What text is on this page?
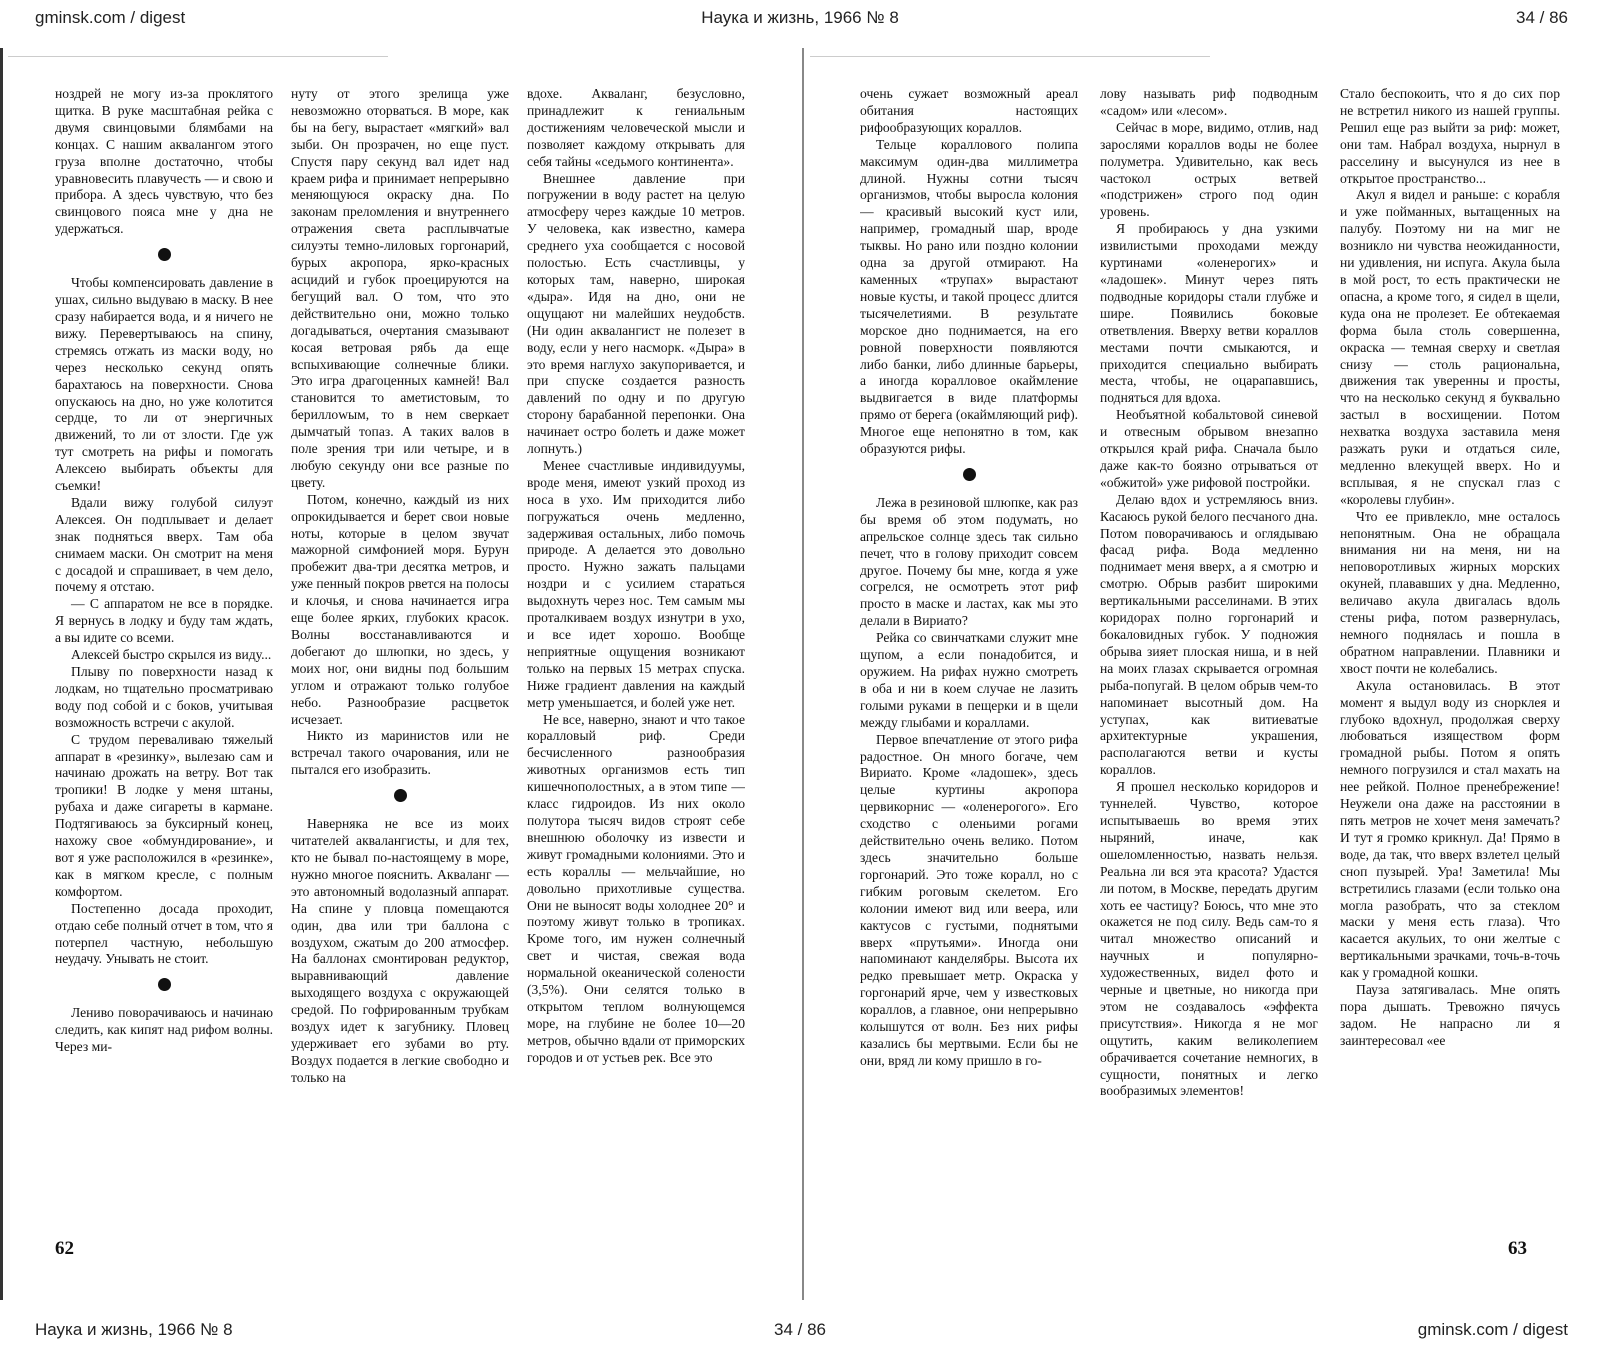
gminsk.com / digest	Наука и жизнь, 1966 № 8	34 / 86

ноздрей не могу из-за проклятого щитка. В руке масштабная рейка с двумя свинцовыми блямбами на концах. С нашим аквалангом этого груза вполне достаточно, чтобы уравновесить плавучесть — и свою и прибора. А здесь чувствую, что без свинцового пояса мне у дна не удержаться.

Чтобы компенсировать давление в ушах, сильно выдуваю в маску. В нее сразу набирается вода, и я ничего не вижу. Перевертываюсь на спину, стремясь отжать из маски воду, но через несколько секунд опять барахтаюсь на поверхности. Снова опускаюсь на дно, но уже колотится сердце, то ли от энергичных движений, то ли от злости. Где уж тут смотреть на рифы и помогать Алексею выбирать объекты для съемки!

Вдали вижу голубой силуэт Алексея. Он подплывает и делает знак подняться вверх. Там оба снимаем маски. Он смотрит на меня с досадой и спрашивает, в чем дело, почему я отстаю.

— С аппаратом не все в порядке. Я вернусь в лодку и буду там ждать, а вы идите со всеми.

Алексей быстро скрылся из виду...

Плыву по поверхности назад к лодкам, но тщательно просматриваю воду под собой и с боков, учитывая возможность встречи с акулой.

С трудом переваливаю тяжелый аппарат в «резинку», вылезаю сам и начинаю дрожать на ветру. Вот так тропики! В лодке у меня штаны, рубаха и даже сигареты в кармане. Подтягиваюсь за буксирный конец, нахожу свое «обмундирование», и вот я уже расположился в «резинке», как в мягком кресле, с полным комфортом.

Постепенно досада проходит, отдаю себе полный отчет в том, что я потерпел частную, небольшую неудачу. Унывать не стоит.

Лениво поворачиваюсь и начинаю следить, как кипят над рифом волны. Через ми-

нуту от этого зрелища уже невозможно оторваться. В море, как бы на бегу, вырастает «мягкий» вал зыби. Он прозрачен, но еще пуст. Спустя пару секунд вал идет над краем рифа и принимает непрерывно меняющуюся окраску дна. По законам преломления и внутреннего отражения света расплывчатые силуэты темно-лиловых горгонарий, бурых акропора, ярко-красных асцидий и губок проецируются на бегущий вал. О том, что это действительно они, можно только догадываться, очертания смазывают косая ветровая рябь да еще вспыхивающие солнечные блики. Это игра драгоценных камней! Вал становится то аметистовым, то бериллowым, то в нем сверкает дымчатый топаз. А таких валов в поле зрения три или четыре, и в любую секунду они все разные по цвету.

Потом, конечно, каждый из них опрокидывается и берет свои новые ноты, которые в целом звучат мажорной симфонией моря. Бурун пробежит два-три десятка метров, и уже пенный покров рвется на полосы и клочья, и снова начинается игра еще более ярких, глубоких красок. Волны восстанавливаются и добегают до шлюпки, но здесь, у моих ног, они видны под большим углом и отражают только голубое небо. Разнообразие расцветок исчезает.

Никто из маринистов или не встречал такого очарования, или не пытался его изобразить.

Наверняка не все из моих читателей аквалангисты, и для тех, кто не бывал по-настоящему в море, нужно многое пояснить. Акваланг — это автономный водолазный аппарат. На спине у пловца помещаются один, два или три баллона с воздухом, сжатым до 200 атмосфер. На баллонах смонтирован редуктор, выравнивающий давление выходящего воздуха с окружающей средой. По гофрированным трубкам воздух идет к загубнику. Пловец удерживает его зубами во рту. Воздух подается в легкие свободно и только на

вдохе. Акваланг, безусловно, принадлежит к гениальным достижениям человеческой мысли и позволяет каждому открывать для себя тайны «седьмого континента».

Внешнее давление при погружении в воду растет на целую атмосферу через каждые 10 метров. У человека, как известно, камера среднего уха сообщается с носовой полостью. Есть счастливцы, у которых там, наверно, широкая «дыра». Идя на дно, они не ощущают ни малейших неудобств. (Ни один аквалангист не полезет в воду, если у него насморк. «Дыра» в это время наглухо закупоривается, и при спуске создается разность давлений по одну и по другую сторону барабанной перепонки. Она начинает остро болеть и даже может лопнуть.)

Менее счастливые индивидуумы, вроде меня, имеют узкий проход из носа в ухо. Им приходится либо погружаться очень медленно, задерживая остальных, либо помочь природе. А делается это довольно просто. Нужно зажать пальцами ноздри и с усилием стараться выдохнуть через нос. Тем самым мы проталкиваем воздух изнутри в ухо, и все идет хорошо. Вообще неприятные ощущения возникают только на первых 15 метрах спуска. Ниже градиент давления на каждый метр уменьшается, и болей уже нет.

Не все, наверно, знают и что такое коралловый риф. Среди бесчисленного разнообразия животных организмов есть тип кишечнополостных, а в этом типе — класс гидроидов. Из них около полутора тысяч видов строят себе внешнюю оболочку из извести и живут громадными колониями. Это и есть кораллы — мельчайшие, но довольно прихотливые существа. Они не выносят воды холоднее 20° и поэтому живут только в тропиках. Кроме того, им нужен солнечный свет и чистая, свежая вода нормальной океанической солености (3,5%). Они селятся только в открытом теплом волнующемся море, на глубине не более 10—20 метров, обычно вдали от приморских городов и от устьев рек. Все это

62

очень сужает возможный ареал обитания настоящих рифообразующих кораллов.

Тельце кораллового полипа максимум один-два миллиметра длиной. Нужны сотни тысяч организмов, чтобы выросла колония — красивый высокий куст или, например, громадный шар, вроде тыквы. Но рано или поздно колонии одна за другой отмирают. На каменных «трупах» вырастают новые кусты, и такой процесс длится тысячелетиями. В результате морское дно поднимается, на его ровной поверхности появляются либо банки, либо длинные барьеры, а иногда коралловое окаймление выдвигается в виде платформы прямо от берега (окаймляющий риф). Многое еще непонятно в том, как образуются рифы.

Лежа в резиновой шлюпке, как раз бы время об этом подумать, но апрельское солнце здесь так сильно печет, что в голову приходит совсем другое. Почему бы мне, когда я уже согрелся, не осмотреть этот риф просто в маске и ластах, как мы это делали в Вириато?

Рейка со свинчатками служит мне щупом, а если понадобится, и оружием. На рифах нужно смотреть в оба и ни в коем случае не лазить голыми руками в пещерки и в щели между глыбами и кораллами.

Первое впечатление от этого рифа радостное. Он много богаче, чем Вириато. Кроме «ладошек», здесь целые куртины акропора цервикорнис — «оленерогого». Его сходство с оленьими рогами действительно очень велико. Потом здесь значительно больше горгонарий. Это тоже коралл, но с гибким роговым скелетом. Его колонии имеют вид или веера, или кактусов с густыми, поднятыми вверх «прутьями». Иногда они напоминают канделябры. Высота их редко превышает метр. Окраска у горгонарий ярче, чем у известковых кораллов, а главное, они непрерывно колышутся от волн. Без них рифы казались бы мертвыми. Если бы не они, вряд ли кому пришло в го-

лову называть риф подводным «садом» или «лесом».

Сейчас в море, видимо, отлив, над зарослями кораллов воды не более полуметра. Удивительно, как весь частокол острых ветвей «подстрижен» строго под один уровень.

Я пробираюсь у дна узкими извилистыми проходами между куртинами «оленерогих» и «ладошек». Минут через пять подводные коридоры стали глубже и шире. Появились боковые ответвления. Вверху ветви кораллов местами почти смыкаются, и приходится специально выбирать места, чтобы, не оцарапавшись, подняться для вдоха.

Необъятной кобальтовой синевой и отвесным обрывом внезапно открылся край рифа. Сначала было даже как-то боязно отрываться от «обжитой» уже рифовой постройки.

Делаю вдох и устремляюсь вниз. Касаюсь рукой белого песчаного дна. Потом поворачиваюсь и оглядываю фасад рифа. Вода медленно поднимает меня вверх, а я смотрю и смотрю. Обрыв разбит широкими вертикальными расселинами. В этих коридорах полно горгонарий и бокаловидных губок. У подножия обрыва зияет плоская ниша, и в ней на моих глазах скрывается огромная рыба-попугай. В целом обрыв чем-то напоминает высотный дом. На уступах, как витиеватые архитектурные украшения, располагаются ветви и кусты кораллов.

Я прошел несколько коридоров и туннелей. Чувство, которое испытываешь во время этих ныряний, иначе, как ошеломленностью, назвать нельзя. Реальна ли вся эта красота? Удастся ли потом, в Москве, передать другим хоть ее частицу? Боюсь, что мне это окажется не под силу. Ведь сам-то я читал множество описаний и научных и популярно-художественных, видел фото и черные и цветные, но никогда при этом не создавалось «эффекта присутствия». Никогда я не мог ощутить, каким великолепием обрачивается сочетание немногих, в сущности, понятных и легко вообразимых элементов!

Стало беспокоить, что я до сих пор не встретил никого из нашей группы. Решил еще раз выйти за риф: может, они там. Набрал воздуха, нырнул в расселину и высунулся из нее в открытое пространство...

Акул я видел и раньше: с корабля и уже пойманных, вытащенных на палубу. Поэтому ни на миг не возникло ни чувства неожиданности, ни удивления, ни испуга. Акула была в мой рост, то есть практически не опасна, а кроме того, я сидел в щели, куда она не пролезет. Ее обтекаемая форма была столь совершенна, окраска — темная сверху и светлая снизу — столь рациональна, движения так уверенны и просты, что на несколько секунд я буквально застыл в восхищении. Потом нехватка воздуха заставила меня разжать руки и отдаться силе, медленно влекущей вверх. Но и всплывая, я не спускал глаз с «королевы глубин».

Что ее привлекло, мне осталось непонятным. Она не обращала внимания ни на меня, ни на неповоротливых жирных морских окуней, плававших у дна. Медленно, величаво акула двигалась вдоль стены рифа, потом развернулась, немного поднялась и пошла в обратном направлении. Плавники и хвост почти не колебались.

Акула остановилась. В этот момент я выдул воду из снорклея и глубоко вдохнул, продолжая сверху любоваться изяществом форм громадной рыбы. Потом я опять немного погрузился и стал махать на нее рейкой. Полное пренебрежение! Неужели она даже на расстоянии в пять метров не хочет меня замечать? И тут я громко крикнул. Да! Прямо в воде, да так, что вверх взлетел целый сноп пузырей. Ура! Заметила! Мы встретились глазами (если только она могла разобрать, что за стеклом маски у меня есть глаза). Что касается акульих, то они желтые с вертикальными зрачками, точь-в-точь как у громадной кошки.

Пауза затягивалась. Мне опять пора дышать. Тревожно пячусь задом. Не напрасно ли я заинтересовал «ее

63
Наука и жизнь, 1966 № 8	34 / 86	gminsk.com / digest
